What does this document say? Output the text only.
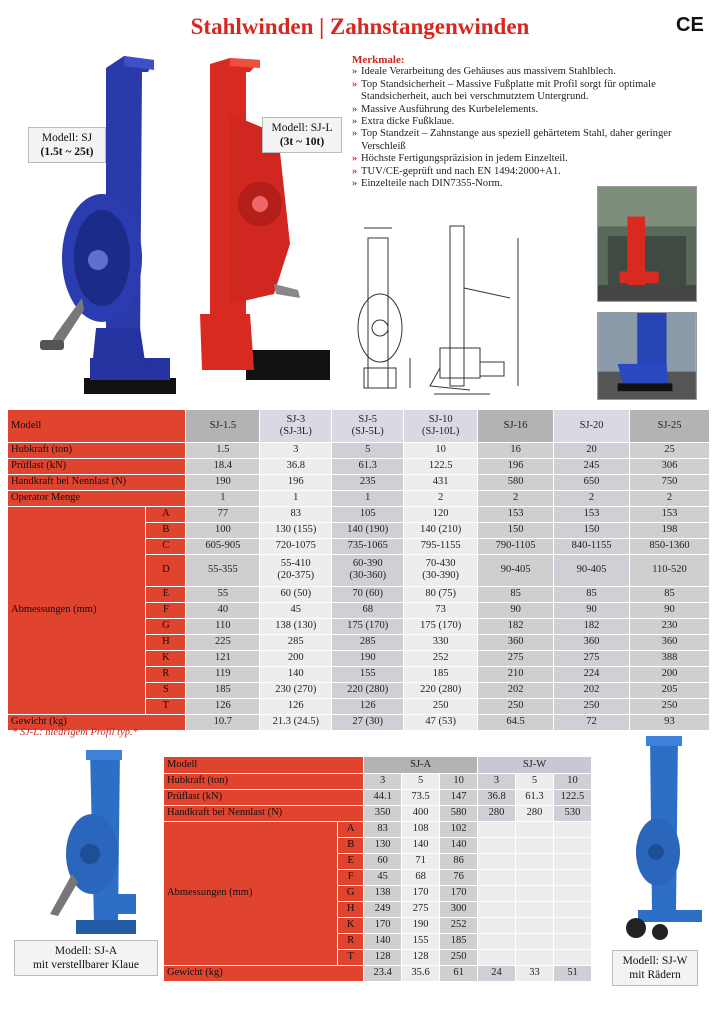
Stahlwinden | Zahnstangenwinden	CE
Modell: SJ
(1.5t ~ 25t)
Modell: SJ-L
(3t ~ 10t)
Merkmale:
» Ideale Verarbeitung des Gehäuses aus massivem Stahlblech.
» Top Standsicherheit – Massive Fußplatte mit Profil sorgt für optimale Standsicherheit, auch bei verschmutztem Untergrund.
» Massive Ausführung des Kurbelelements.
» Extra dicke Fußklaue.
» Top Standzeit – Zahnstange aus speziell gehärtetem Stahl, daher geringer Verschleiß
» Höchste Fertigungspräzision in jedem Einzelteil.
» TUV/CE-geprüft und nach EN 1494:2000+A1.
» Einzelteile nach DIN7355-Norm.
Modell		SJ-1.5	SJ-3
(SJ-3L)	SJ-5
(SJ-5L)	SJ-10
(SJ-10L)	SJ-16	SJ-20	SJ-25
Hubkraft (ton)		1.5	3	5	10	16	20	25
Prüflast (kN)		18.4	36.8	61.3	122.5	196	245	306
Handkraft bei Nennlast (N)		190	196	235	431	580	650	750
Operator Menge		1	1	1	2	2	2	2
Abmessungen (mm)	A	77	83	105	120	153	153	153
	B	100	130 (155)	140 (190)	140 (210)	150	150	198
	C	605-905	720-1075	735-1065	795-1155	790-1105	840-1155	850-1360
	D	55-355	55-410
(20-375)	60-390
(30-360)	70-430
(30-390)	90-405	90-405	110-520
	E	55	60 (50)	70 (60)	80 (75)	85	85	85
	F	40	45	68	73	90	90	90
	G	110	138 (130)	175 (170)	175 (170)	182	182	230
	H	225	285	285	330	360	360	360
	K	121	200	190	252	275	275	388
	R	119	140	155	185	210	224	200
	S	185	230 (270)	220 (280)	220 (280)	202	202	205
	T	126	126	126	250	250	250	250
Gewicht (kg)		10.7	21.3 (24.5)	27 (30)	47 (53)	64.5	72	93
* SJ-L: niedrigem Profil typ.*
Modell: SJ-A
mit verstellbarer Klaue	Modell: SJ-W
mit Rädern
Modell		SJ-A			SJ-W		
Hubkraft (ton)		3	5	10	3	5	10
Prüflast (kN)		44.1	73.5	147	36.8	61.3	122.5
Handkraft bei Nennlast (N)		350	400	580	280	280	530
Abmessungen (mm)	A	83	108	102			
	B	130	140	140			
	E	60	71	86			
	F	45	68	76			
	G	138	170	170			
	H	249	275	300			
	K	170	190	252			
	R	140	155	185			
	T	128	128	250			
Gewicht (kg)		23.4	35.6	61	24	33	51
